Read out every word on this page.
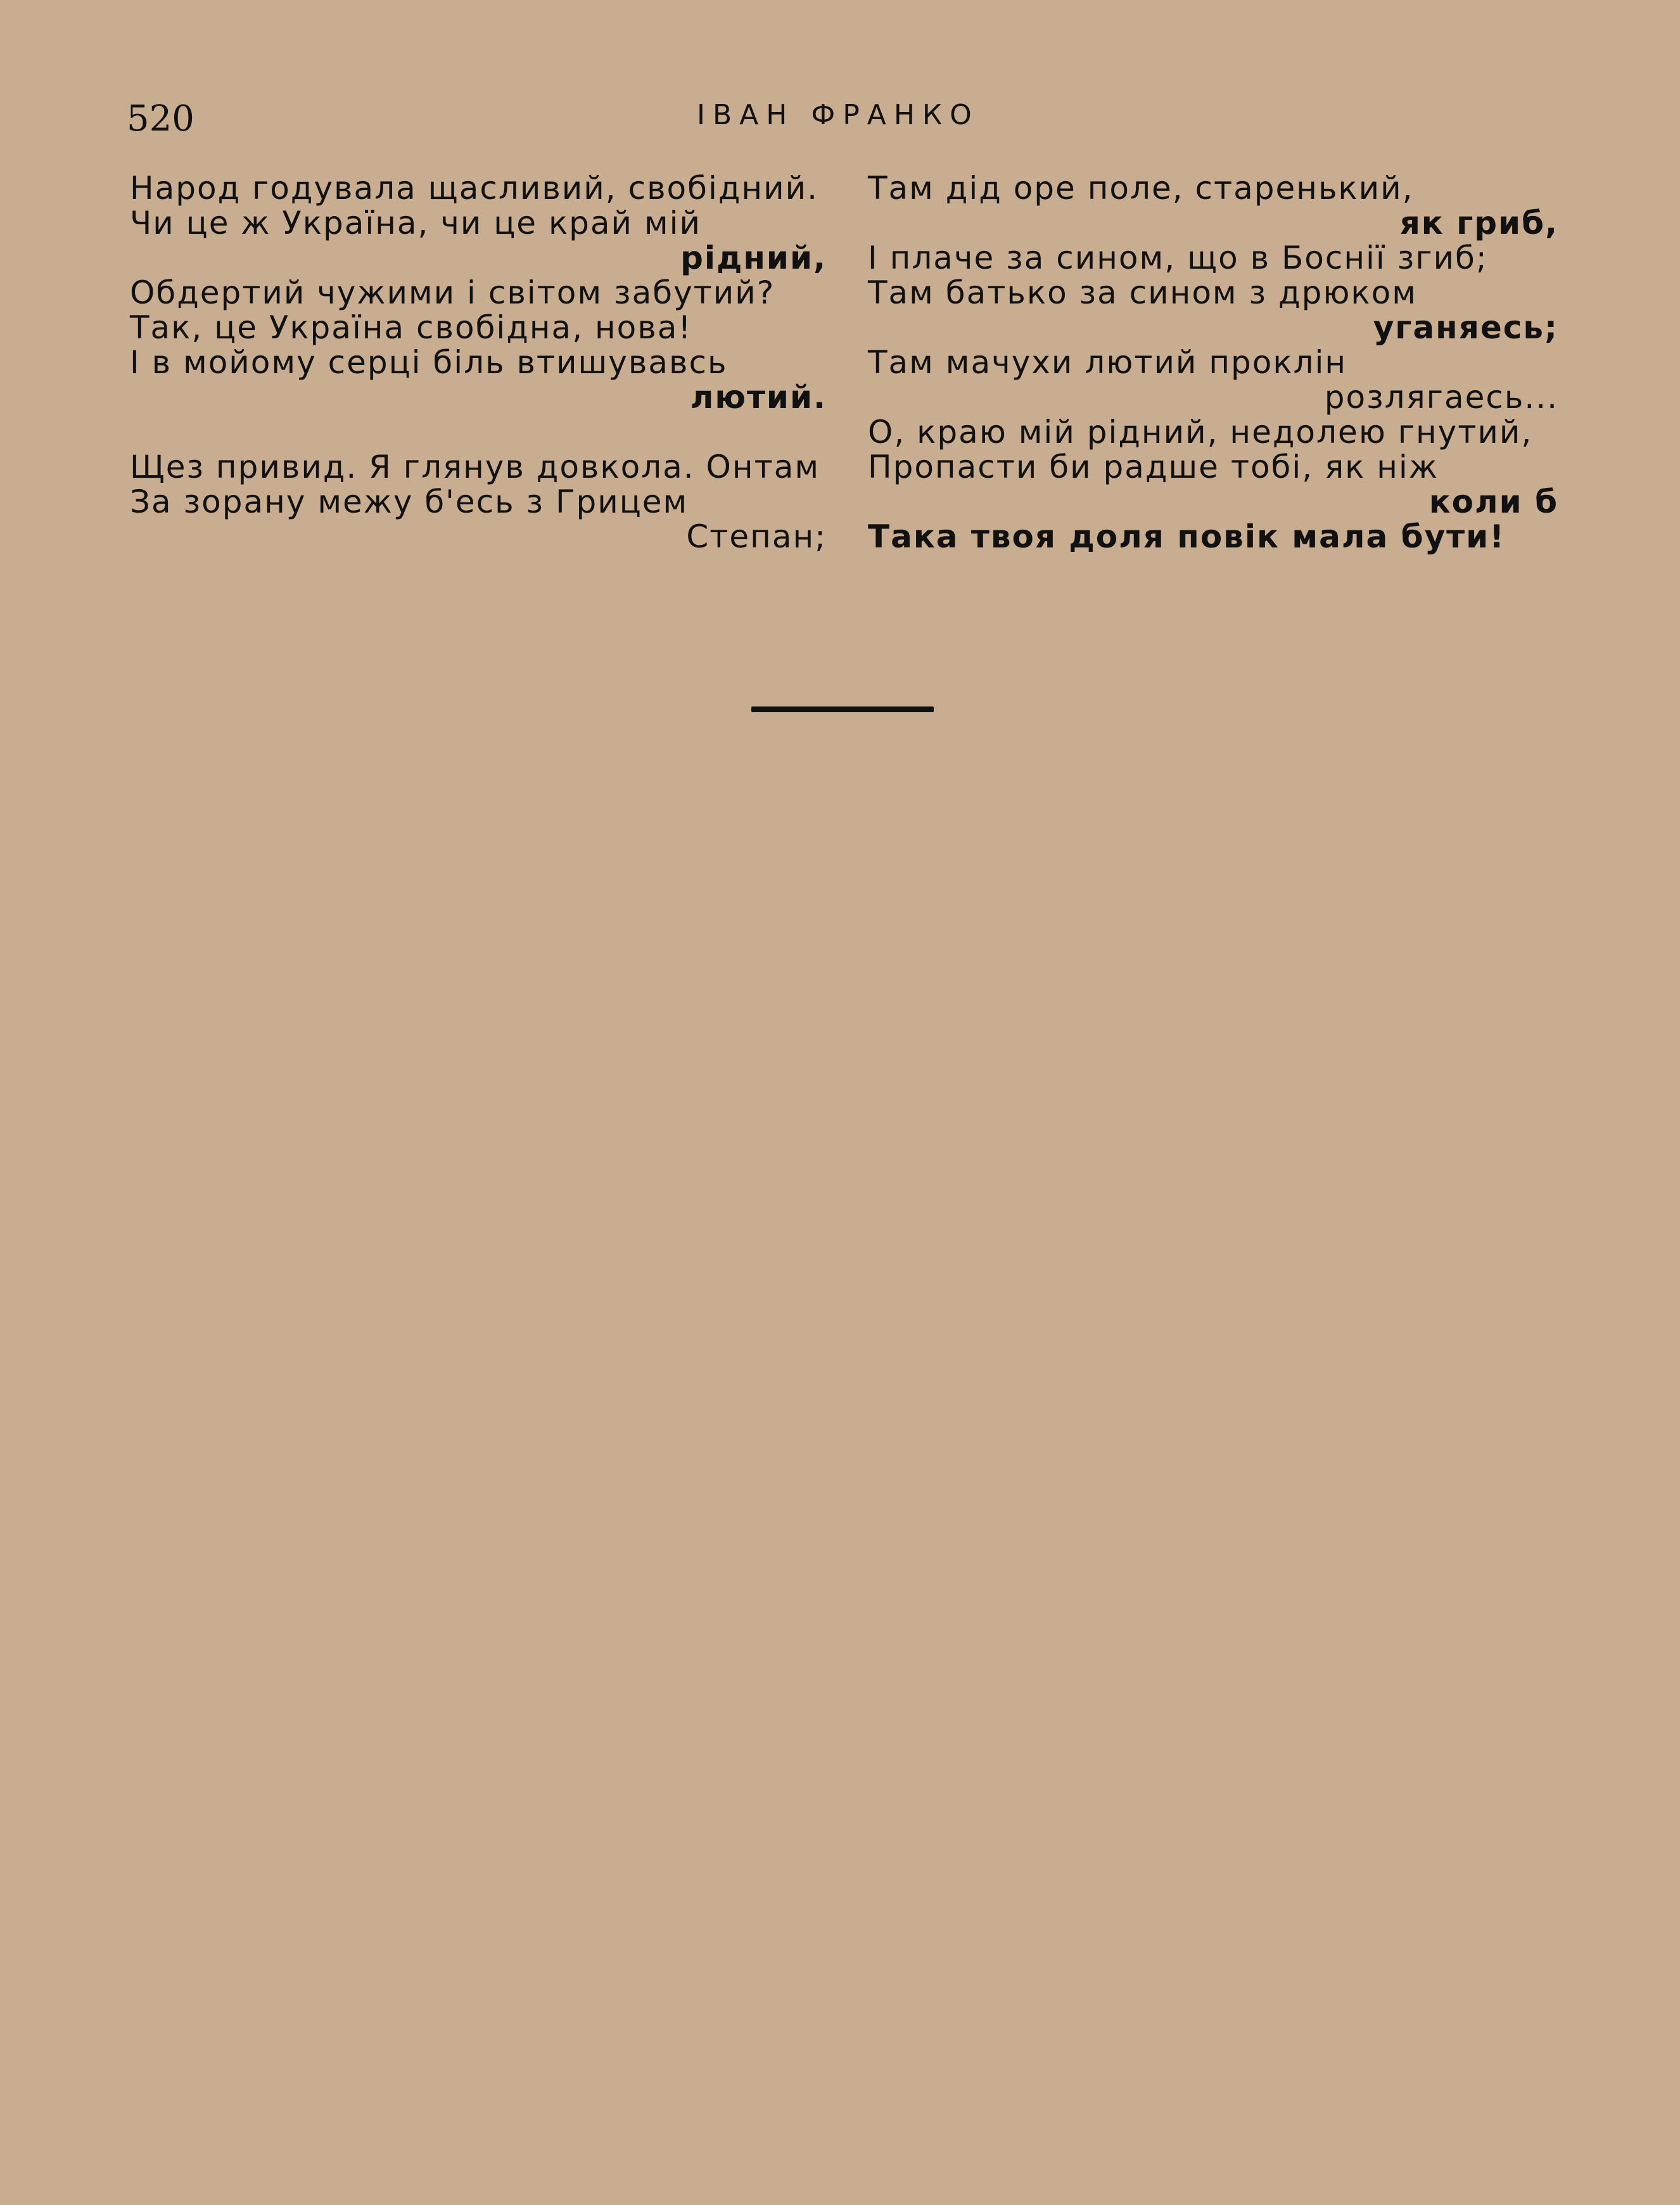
520	ІВАН ФРАНКО
Народ годувала щасливий, свобідний.
Чи це ж Україна, чи це край мій
рідний,
Обдертий чужими і світом забутий?
Так, це Україна свобідна, нова!
І в мойому серці біль втишувавсь
лютий.
Щез привид. Я глянув довкола. Онтам
За зорану межу б'есь з Грицем
Степан;
Там дід оре поле, старенький,
як гриб,
І плаче за сином, що в Боснії згиб;
Там батько за сином з дрюком
уганяесь;
Там мачухи лютий проклін
розлягаесь...
О, краю мій рідний, недолею гнутий,
Пропасти би радше тобі, як ніж
коли б
Така твоя доля повік мала бути!
